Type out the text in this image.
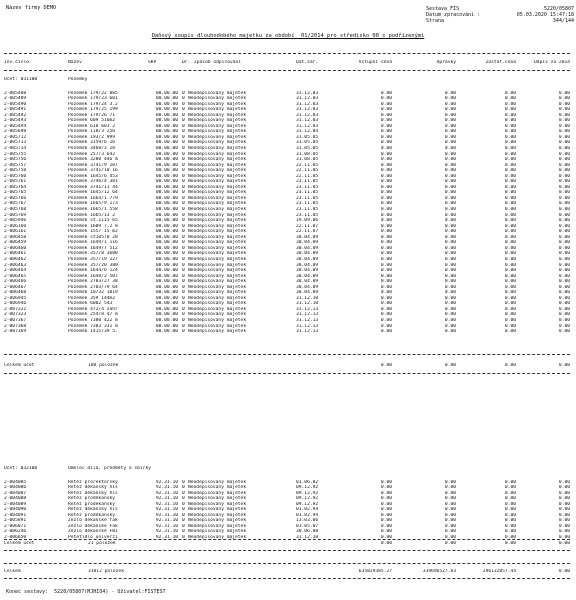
Název firmy DEMO	Sestava FIS	5220/05807
Datum zpracování :	05.03.2020 15:47:18
Strana	344/144
Daňový soupis dlouhodobého majetku za období  01/2014 pro středisko 00 s podřízenými
Inv.číslo	Název	SKP	Dr. Způsob odpisování	Dat.zař.	Vstupní cena	Oprávky	Zůstat.cena	Odpis za 2014
Účet: 031100	Pozemky
2-005488	Pozemek 179/22 885	00.00.00 0 Neodepisovaný majetek	31.12.03	0.00	0.00	0.00	0.00
2-005489	Pozemek 179/23 601	00.00.00 0 Neodepisovaný majetek	31.12.03	0.00	0.00	0.00	0.00
2-005490	Pozemek 179/24 3.2	00.00.00 0 Neodepisovaný majetek	31.12.03	0.00	0.00	0.00	0.00
2-005491	Pozemek 179/25 199	00.00.00 0 Neodepisovaný majetek	31.12.03	0.00	0.00	0.00	0.00
2-005492	Pozemek 179/26 71	00.00.00 0 Neodepisovaný majetek	31.12.03	0.00	0.00	0.00	0.00
2-005493	Pozemek 609 516m2	00.00.00 0 Neodepisovaný majetek	31.12.03	0.00	0.00	0.00	0.00
2-005494	Pozemek 610 601 2	00.00.00 0 Neodepisovaný majetek	31.12.03	0.00	0.00	0.00	0.00
2-005698	Pozemek 118/3 256	00.00.00 0 Neodepisovaný majetek	31.12.04	0.00	0.00	0.00	0.00
2-005712	Pozemek 193/2 999	00.00.00 0 Neodepisovaný majetek	31.05.05	0.00	0.00	0.00	0.00
2-005713	Pozemek 3159/6 16	00.00.00 0 Neodepisovaný majetek	31.05.05	0.00	0.00	0.00	0.00
2-005714	Pozemek 3468/3 28	00.00.00 0 Neodepisovaný majetek	31.05.05	0.00	0.00	0.00	0.00
2-005755	Pozemek 257/3 642	00.00.00 0 Neodepisovaný majetek	31.08.05	0.00	0.00	0.00	0.00
2-005756	Pozemek 3280 446 m	00.00.00 0 Neodepisovaný majetek	31.08.05	0.00	0.00	0.00	0.00
2-005757	Pozemek 3741/9 207	00.00.00 0 Neodepisovaný majetek	22.11.05	0.00	0.00	0.00	0.00
2-005758	Pozemek 3741/10 16	00.00.00 0 Neodepisovaný majetek	22.11.05	0.00	0.00	0.00	0.00
2-005760	Pozemek 1645/6 453	00.00.00 0 Neodepisovaný majetek	22.11.05	0.00	0.00	0.00	0.00
2-005761	Pozemek 3746/4 381	00.00.00 0 Neodepisovaný majetek	23.11.05	0.00	0.00	0.00	0.00
2-005764	Pozemek 3741/11 44	00.00.00 0 Neodepisovaný majetek	23.11.05	0.00	0.00	0.00	0.00
2-005765	Pozemek 1645/12 64	00.00.00 0 Neodepisovaný majetek	23.11.05	0.00	0.00	0.00	0.00
2-005766	Pozemek 1664/1 779	00.00.00 0 Neodepisovaný majetek	23.11.05	0.00	0.00	0.00	0.00
2-005767	Pozemek 1665/9 173	00.00.00 0 Neodepisovaný majetek	23.11.05	0.00	0.00	0.00	0.00
2-005768	Pozemek 1665/1 558	00.00.00 0 Neodepisovaný majetek	23.11.05	0.00	0.00	0.00	0.00
2-005769	Pozemek 1665/13 2	00.00.00 0 Neodepisovaný majetek	23.11.05	0.00	0.00	0.00	0.00
2-005946	Pozemek st.1115 65	00.00.00 0 Neodepisovaný majetek	19.09.06	0.00	0.00	0.00	0.00
2-006160	Pozemek 1609 7,2 m	00.00.00 0 Neodepisovaný majetek	22.11.07	0.00	0.00	0.00	0.00
2-006161	Pozemek 1557 15 m2	00.00.00 0 Neodepisovaný majetek	22.11.07	0.00	0.00	0.00	0.00
2-006458	Pozemek st10570 28	00.00.00 0 Neodepisovaný majetek	30.04.09	0.00	0.00	0.00	0.00
2-006459	Pozemek 1649/1 116	00.00.00 0 Neodepisovaný majetek	30.04.09	0.00	0.00	0.00	0.00
2-006460	Pozemek 1649/7 512	00.00.00 0 Neodepisovaný majetek	30.04.09	0.00	0.00	0.00	0.00
2-006461	Pozemek 357/8 3680	00.00.00 0 Neodepisovaný majetek	30.04.09	0.00	0.00	0.00	0.00
2-006462	Pozemek 357/19 127	00.00.00 0 Neodepisovaný majetek	30.04.09	0.00	0.00	0.00	0.00
2-006463	Pozemek 357/20 380	00.00.00 0 Neodepisovaný majetek	30.04.09	0.00	0.00	0.00	0.00
2-006464	Pozemek 1644/6 124	00.00.00 0 Neodepisovaný majetek	30.04.09	0.00	0.00	0.00	0.00
2-006465	Pozemek 1648/2 507	00.00.00 0 Neodepisovaný majetek	30.04.09	0.00	0.00	0.00	0.00
2-006466	Pozemek 2783/27 38	00.00.00 0 Neodepisovaný majetek	30.04.09	0.00	0.00	0.00	0.00
2-006467	Pozemek 2783/79 64	00.00.00 0 Neodepisovaný majetek	30.04.09	0.00	0.00	0.00	0.00
2-006468	Pozemek 10732 1019	00.00.00 0 Neodepisovaný majetek	30.04.09	0.00	0.00	0.00	0.00
2-006945	Pozemek 359 144m2	00.00.00 0 Neodepisovaný majetek	31.12.10	0.00	0.00	0.00	0.00
2-006946	Pozemek 6002 543	00.00.00 0 Neodepisovaný majetek	31.12.10	0.00	0.00	0.00	0.00
2-007322	Pozemek 472/4 zahr	00.00.00 0 Neodepisovaný majetek	31.12.13	0.00	0.00	0.00	0.00
2-007323	Pozemek 254/8 47 m	00.00.00 0 Neodepisovaný majetek	31.12.13	0.00	0.00	0.00	0.00
2-007367	Pozemek 7380 422 m	00.00.00 0 Neodepisovaný majetek	31.12.13	0.00	0.00	0.00	0.00
2-007368	Pozemek 7383 331 m	00.00.00 0 Neodepisovaný majetek	31.12.13	0.00	0.00	0.00	0.00
2-007369	Pozemek 1415/39 5.	00.00.00 0 Neodepisovaný majetek	31.12.13	0.00	0.00	0.00	0.00
Celkem účet	108 položek	0.00	0.00	0.00	0.00
Účet: 032100	Umělec.díla, předměty a sbírky
2-004085	Řetěz prorektorský	92.31.10 0 Neodepisovaný majetek	01.06.82	0.00	0.00	0.00	0.00
2-004086	Řetěz děkanský his	92.31.10 0 Neodepisovaný majetek	09.12.92	0.00	0.00	0.00	0.00
2-004087	Řetěz děkanský his	92.31.10 0 Neodepisovaný majetek	09.12.92	0.00	0.00	0.00	0.00
2-004088	Řetěz proděkanský	92.31.10 0 Neodepisovaný majetek	09.12.92	0.00	0.00	0.00	0.00
2-004089	Řetěz proděkanský	92.31.10 0 Neodepisovaný majetek	09.12.92	0.00	0.00	0.00	0.00
2-004090	Řetěz děkanský his	92.31.10 0 Neodepisovaný majetek	01.02.94	0.00	0.00	0.00	0.00
2-004091	Řetěz proděkanský	92.31.10 0 Neodepisovaný majetek	01.02.94	0.00	0.00	0.00	0.00
2-005891	Žezlo děkanské fak	92.31.10 0 Neodepisovaný majetek	13.03.06	0.00	0.00	0.00	0.00
2-006071	Žezlo děkanské Fak	92.31.10 0 Neodepisovaný majetek	01.05.07	0.00	0.00	0.00	0.00
2-006246	Žezlo děkanské FBI	92.31.10 0 Neodepisovaný majetek	30.06.08	0.00	0.00	0.00	0.00
2-006650	Petetidlo univerzi	92.31.10 0 Neodepisovaný majetek	31.12.10	0.00	0.00	0.00	0.00
Celkem účet	21 položek	0.00	0.00	0.00	0.00
Celkem	31012 položek	635829385.27	339696527.83	296132857.44	0.00
Konec sestavy:  5220/05807(MJHIO4) - Uživatel:FISTEST
